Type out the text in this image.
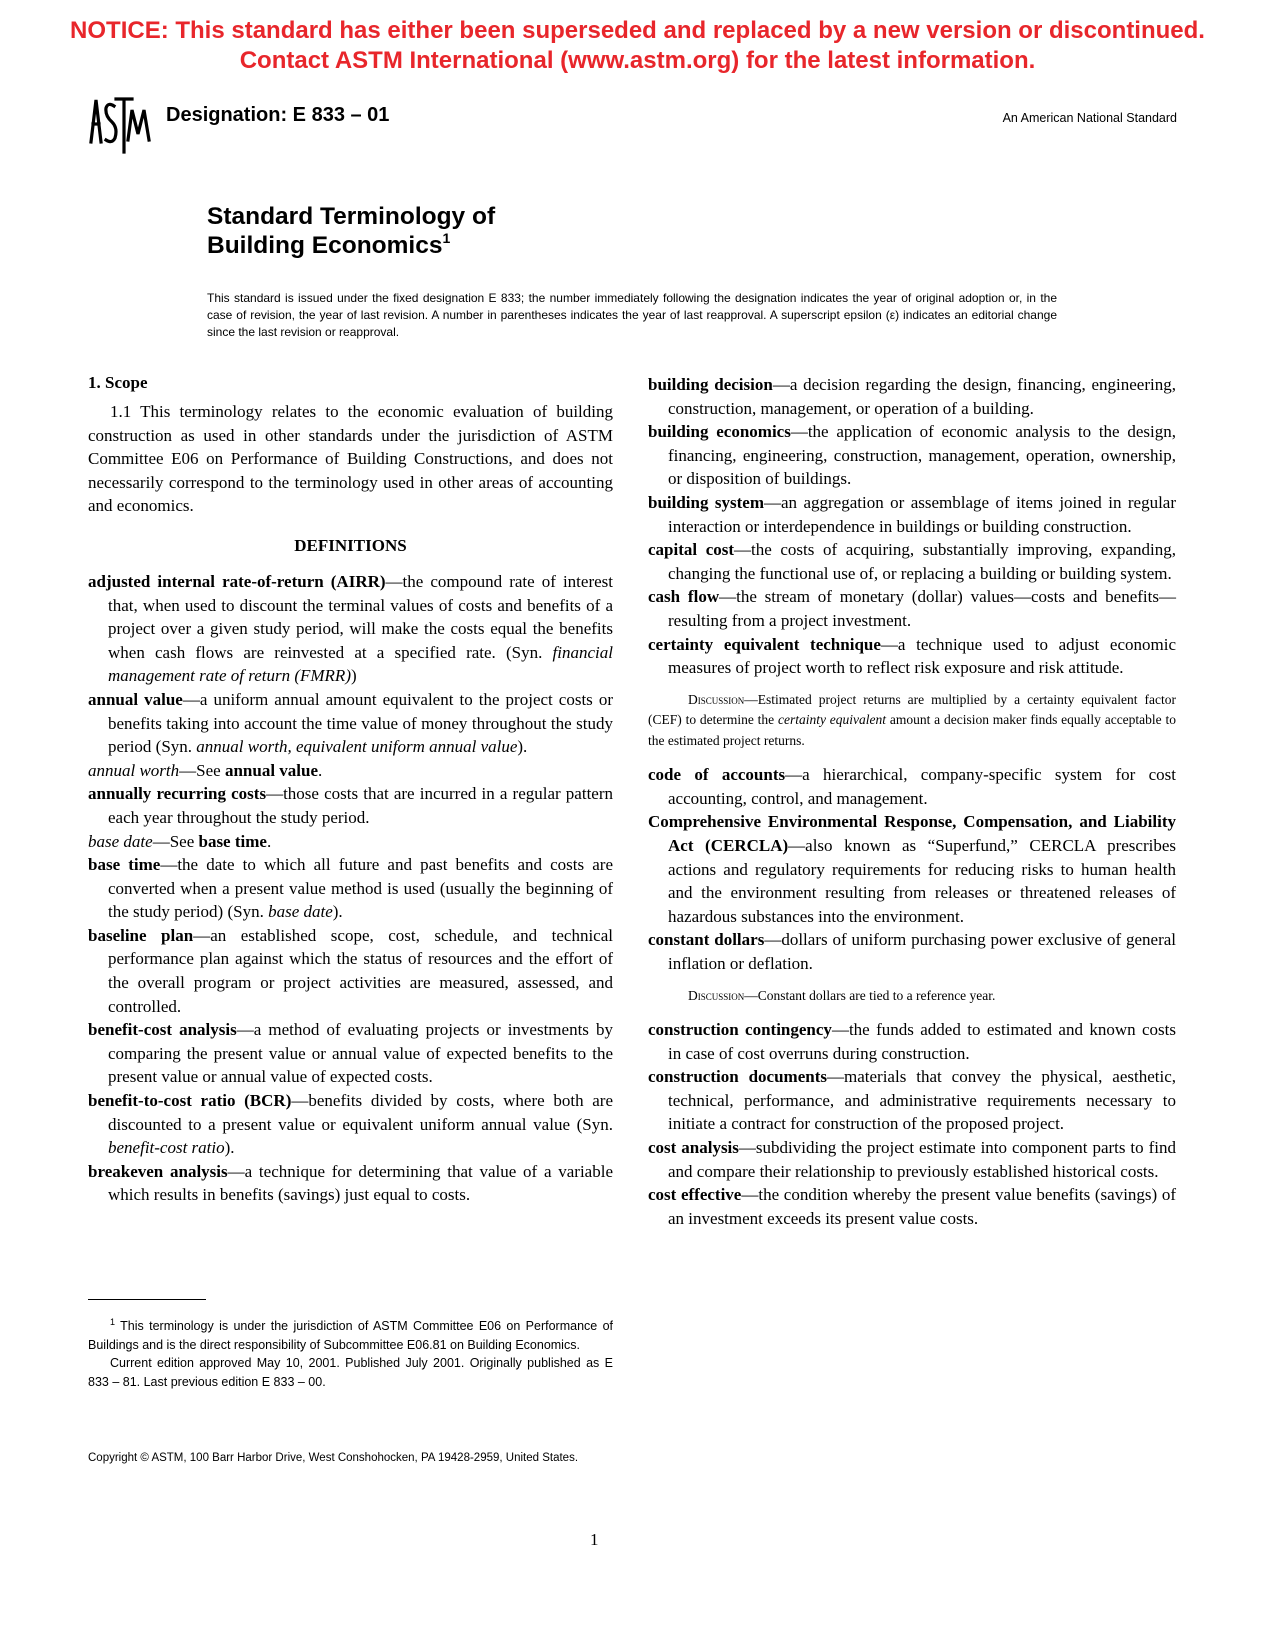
NOTICE: This standard has either been superseded and replaced by a new version or discontinued.
Contact ASTM International (www.astm.org) for the latest information.
Designation: E 833 – 01	An American National Standard
Standard Terminology of
Building Economics$^1$
This standard is issued under the fixed designation E 833; the number immediately following the designation indicates the year of original adoption or, in the case of revision, the year of last revision. A number in parentheses indicates the year of last reapproval. A superscript epsilon (ε) indicates an editorial change since the last revision or reapproval.
1. Scope

1.1 This terminology relates to the economic evaluation of building construction as used in other standards under the jurisdiction of ASTM Committee E06 on Performance of Building Constructions, and does not necessarily correspond to the terminology used in other areas of accounting and economics.

DEFINITIONS

adjusted internal rate-of-return (AIRR)—the compound rate of interest that, when used to discount the terminal values of costs and benefits of a project over a given study period, will make the costs equal the benefits when cash flows are reinvested at a specified rate. (Syn. financial management rate of return (FMRR))

annual value—a uniform annual amount equivalent to the project costs or benefits taking into account the time value of money throughout the study period (Syn. annual worth, equivalent uniform annual value).

annual worth—See annual value.

annually recurring costs—those costs that are incurred in a regular pattern each year throughout the study period.

base date—See base time.

base time—the date to which all future and past benefits and costs are converted when a present value method is used (usually the beginning of the study period) (Syn. base date).

baseline plan—an established scope, cost, schedule, and technical performance plan against which the status of resources and the effort of the overall program or project activities are measured, assessed, and controlled.

benefit-cost analysis—a method of evaluating projects or investments by comparing the present value or annual value of expected benefits to the present value or annual value of expected costs.

benefit-to-cost ratio (BCR)—benefits divided by costs, where both are discounted to a present value or equivalent uniform annual value (Syn. benefit-cost ratio).

breakeven analysis—a technique for determining that value of a variable which results in benefits (savings) just equal to costs.

building decision—a decision regarding the design, financing, engineering, construction, management, or operation of a building.

building economics—the application of economic analysis to the design, financing, engineering, construction, management, operation, ownership, or disposition of buildings.

building system—an aggregation or assemblage of items joined in regular interaction or interdependence in buildings or building construction.

capital cost—the costs of acquiring, substantially improving, expanding, changing the functional use of, or replacing a building or building system.

cash flow—the stream of monetary (dollar) values—costs and benefits—resulting from a project investment.

certainty equivalent technique—a technique used to adjust economic measures of project worth to reflect risk exposure and risk attitude.

Discussion—Estimated project returns are multiplied by a certainty equivalent factor (CEF) to determine the certainty equivalent amount a decision maker finds equally acceptable to the estimated project returns.

code of accounts—a hierarchical, company-specific system for cost accounting, control, and management.

Comprehensive Environmental Response, Compensation, and Liability Act (CERCLA)—also known as “Superfund,” CERCLA prescribes actions and regulatory requirements for reducing risks to human health and the environment resulting from releases or threatened releases of hazardous substances into the environment.

constant dollars—dollars of uniform purchasing power exclusive of general inflation or deflation.

Discussion—Constant dollars are tied to a reference year.

construction contingency—the funds added to estimated and known costs in case of cost overruns during construction.

construction documents—materials that convey the physical, aesthetic, technical, performance, and administrative requirements necessary to initiate a contract for construction of the proposed project.

cost analysis—subdividing the project estimate into component parts to find and compare their relationship to previously established historical costs.

cost effective—the condition whereby the present value benefits (savings) of an investment exceeds its present value costs.

$^1$ This terminology is under the jurisdiction of ASTM Committee E06 on Performance of Buildings and is the direct responsibility of Subcommittee E06.81 on Building Economics.

Current edition approved May 10, 2001. Published July 2001. Originally published as E 833 – 81. Last previous edition E 833 – 00.

Copyright © ASTM, 100 Barr Harbor Drive, West Conshohocken, PA 19428-2959, United States.
1
